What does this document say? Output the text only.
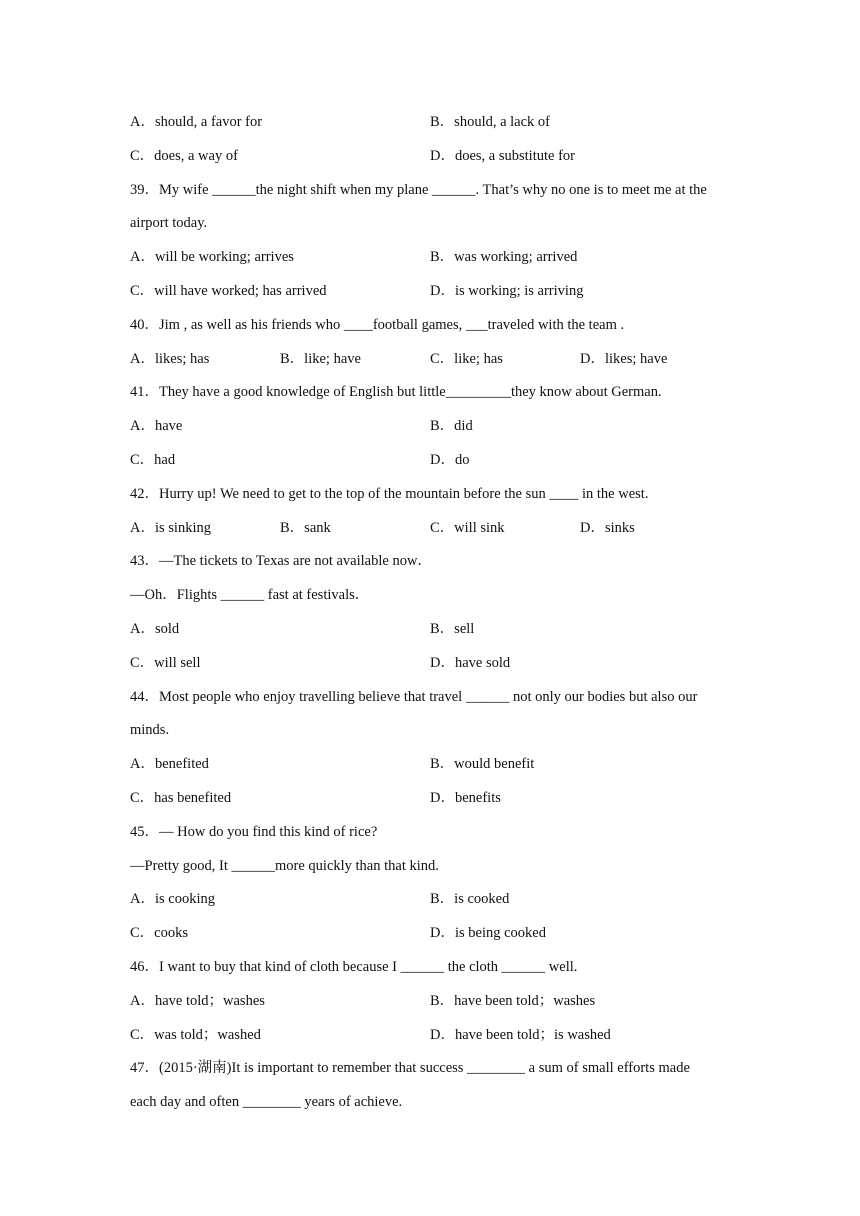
A．should, a favor for	B．should, a lack of
C．does, a way of	D．does, a substitute for
39．My wife ______the night shift when my plane ______. That’s why no one is to meet me at the
airport today.
A．will be working; arrives	B．was working; arrived
C．will have worked; has arrived	D．is working; is arriving
40．Jim , as well as his friends who ____football games, ___traveled with the team .
A．likes; has	B．like; have	C．like; has	D．likes; have
41．They have a good knowledge of English but little_________they know about German.
A．have	B．did
C．had	D．do
42．Hurry up! We need to get to the top of the mountain before the sun ____ in the west.
A．is sinking	B．sank	C．will sink	D．sinks
43．—The tickets to Texas are not available now．
—Oh．Flights ______ fast at festivals．
A．sold	B．sell
C．will sell	D．have sold
44．Most people who enjoy travelling believe that travel ______ not only our bodies but also our
minds.
A．benefited	B．would benefit
C．has benefited	D．benefits
45．— How do you find this kind of rice?
—Pretty good, It ______more quickly than that kind.
A．is cooking	B．is cooked
C．cooks	D．is being cooked
46．I want to buy that kind of cloth because I ______ the cloth ______ well.
A．have told；washes	B．have been told；washes
C．was told；washed	D．have been told；is washed
47．(2015·湖南)It is important to remember that success ________ a sum of small efforts made
each day and often ________ years of achieve.
